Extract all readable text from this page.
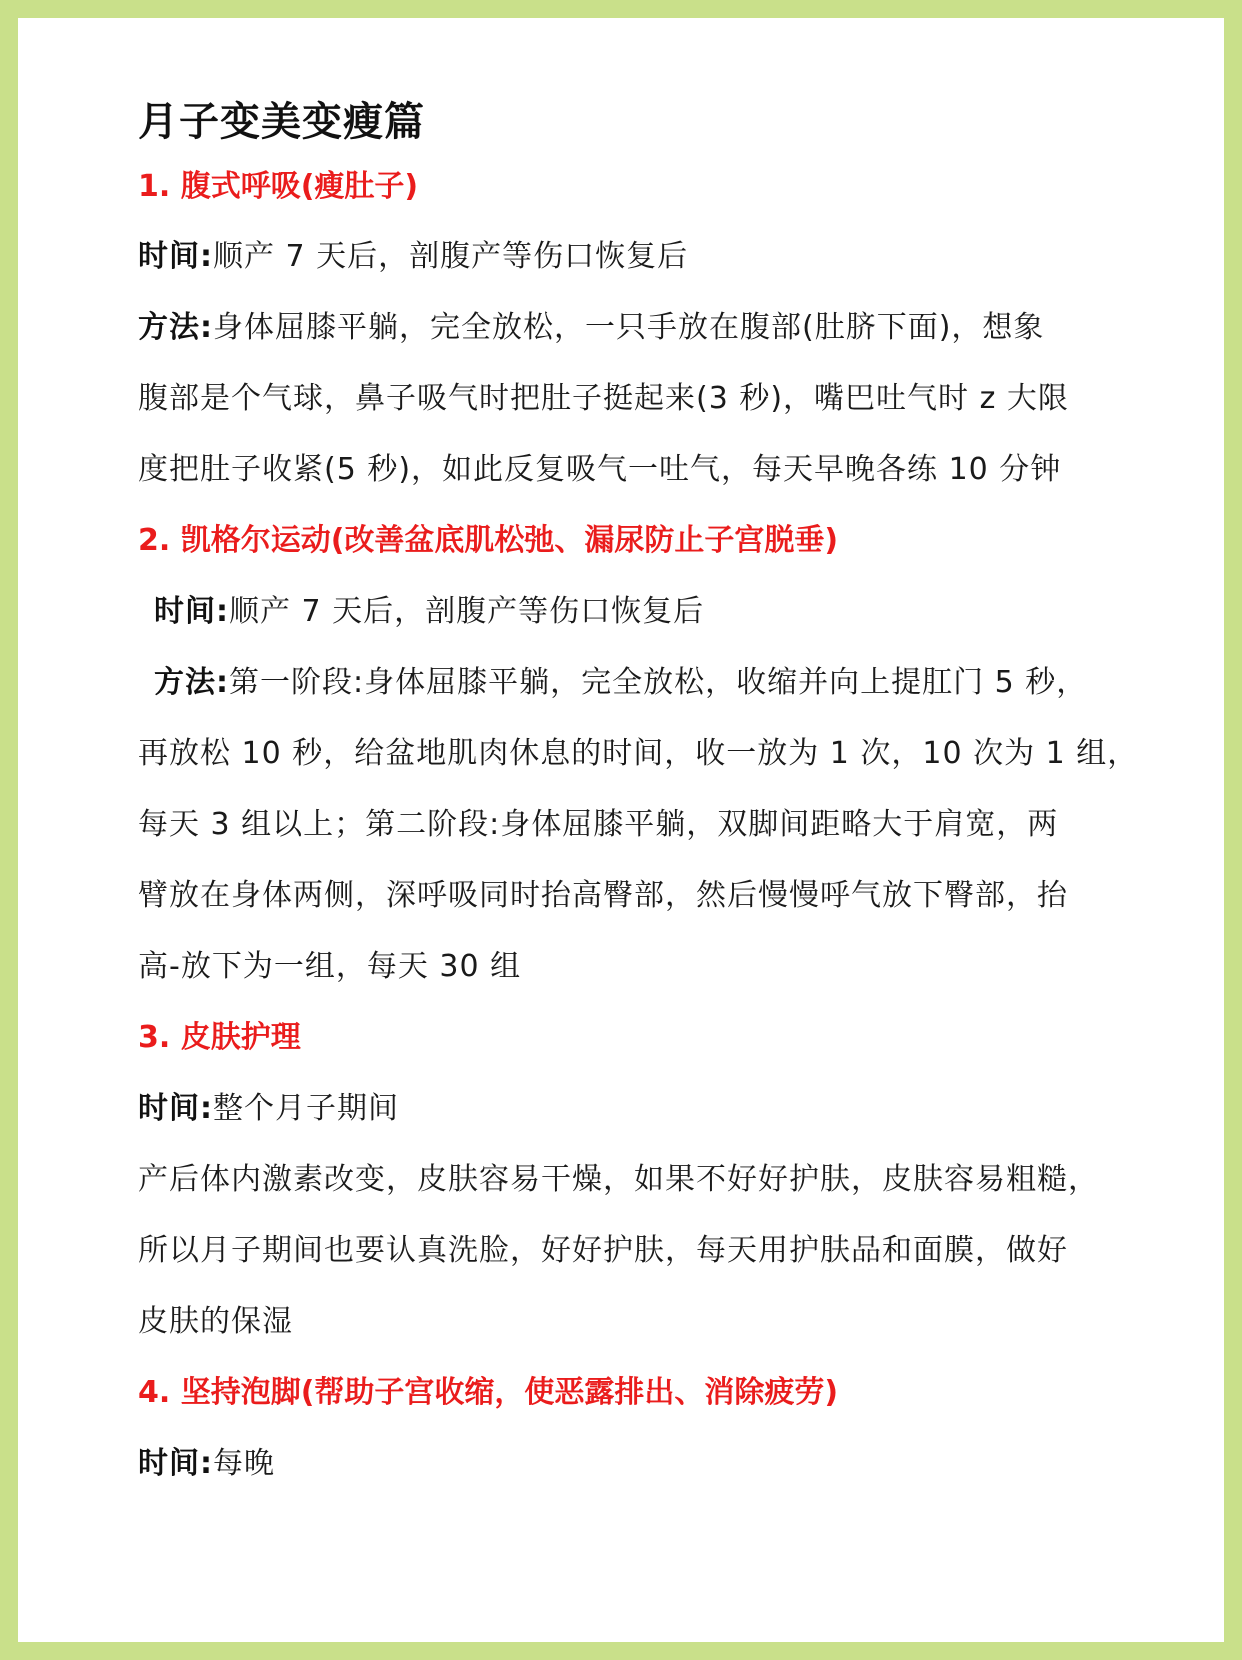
月子变美变瘦篇
1. 腹式呼吸(瘦肚子)
时间:顺产 7 天后，剖腹产等伤口恢复后
方法:身体屈膝平躺，完全放松，一只手放在腹部(肚脐下面)，想象
腹部是个气球，鼻子吸气时把肚子挺起来(3 秒)，嘴巴吐气时 z 大限
度把肚子收紧(5 秒)，如此反复吸气一吐气，每天早晚各练 10 分钟
2. 凯格尔运动(改善盆底肌松弛、漏尿防止子宫脱垂)
时间:顺产 7 天后，剖腹产等伤口恢复后
方法:第一阶段:身体屈膝平躺，完全放松，收缩并向上提肛门 5 秒，
再放松 10 秒，给盆地肌肉休息的时间，收一放为 1 次，10 次为 1 组，
每天 3 组以上；第二阶段:身体屈膝平躺，双脚间距略大于肩宽，两
臂放在身体两侧，深呼吸同时抬高臀部，然后慢慢呼气放下臀部，抬
高-放下为一组，每天 30 组
3. 皮肤护理
时间:整个月子期间
产后体内激素改变，皮肤容易干燥，如果不好好护肤，皮肤容易粗糙，
所以月子期间也要认真洗脸，好好护肤，每天用护肤品和面膜，做好
皮肤的保湿
4. 坚持泡脚(帮助子宫收缩，使恶露排出、消除疲劳)
时间:每晚
